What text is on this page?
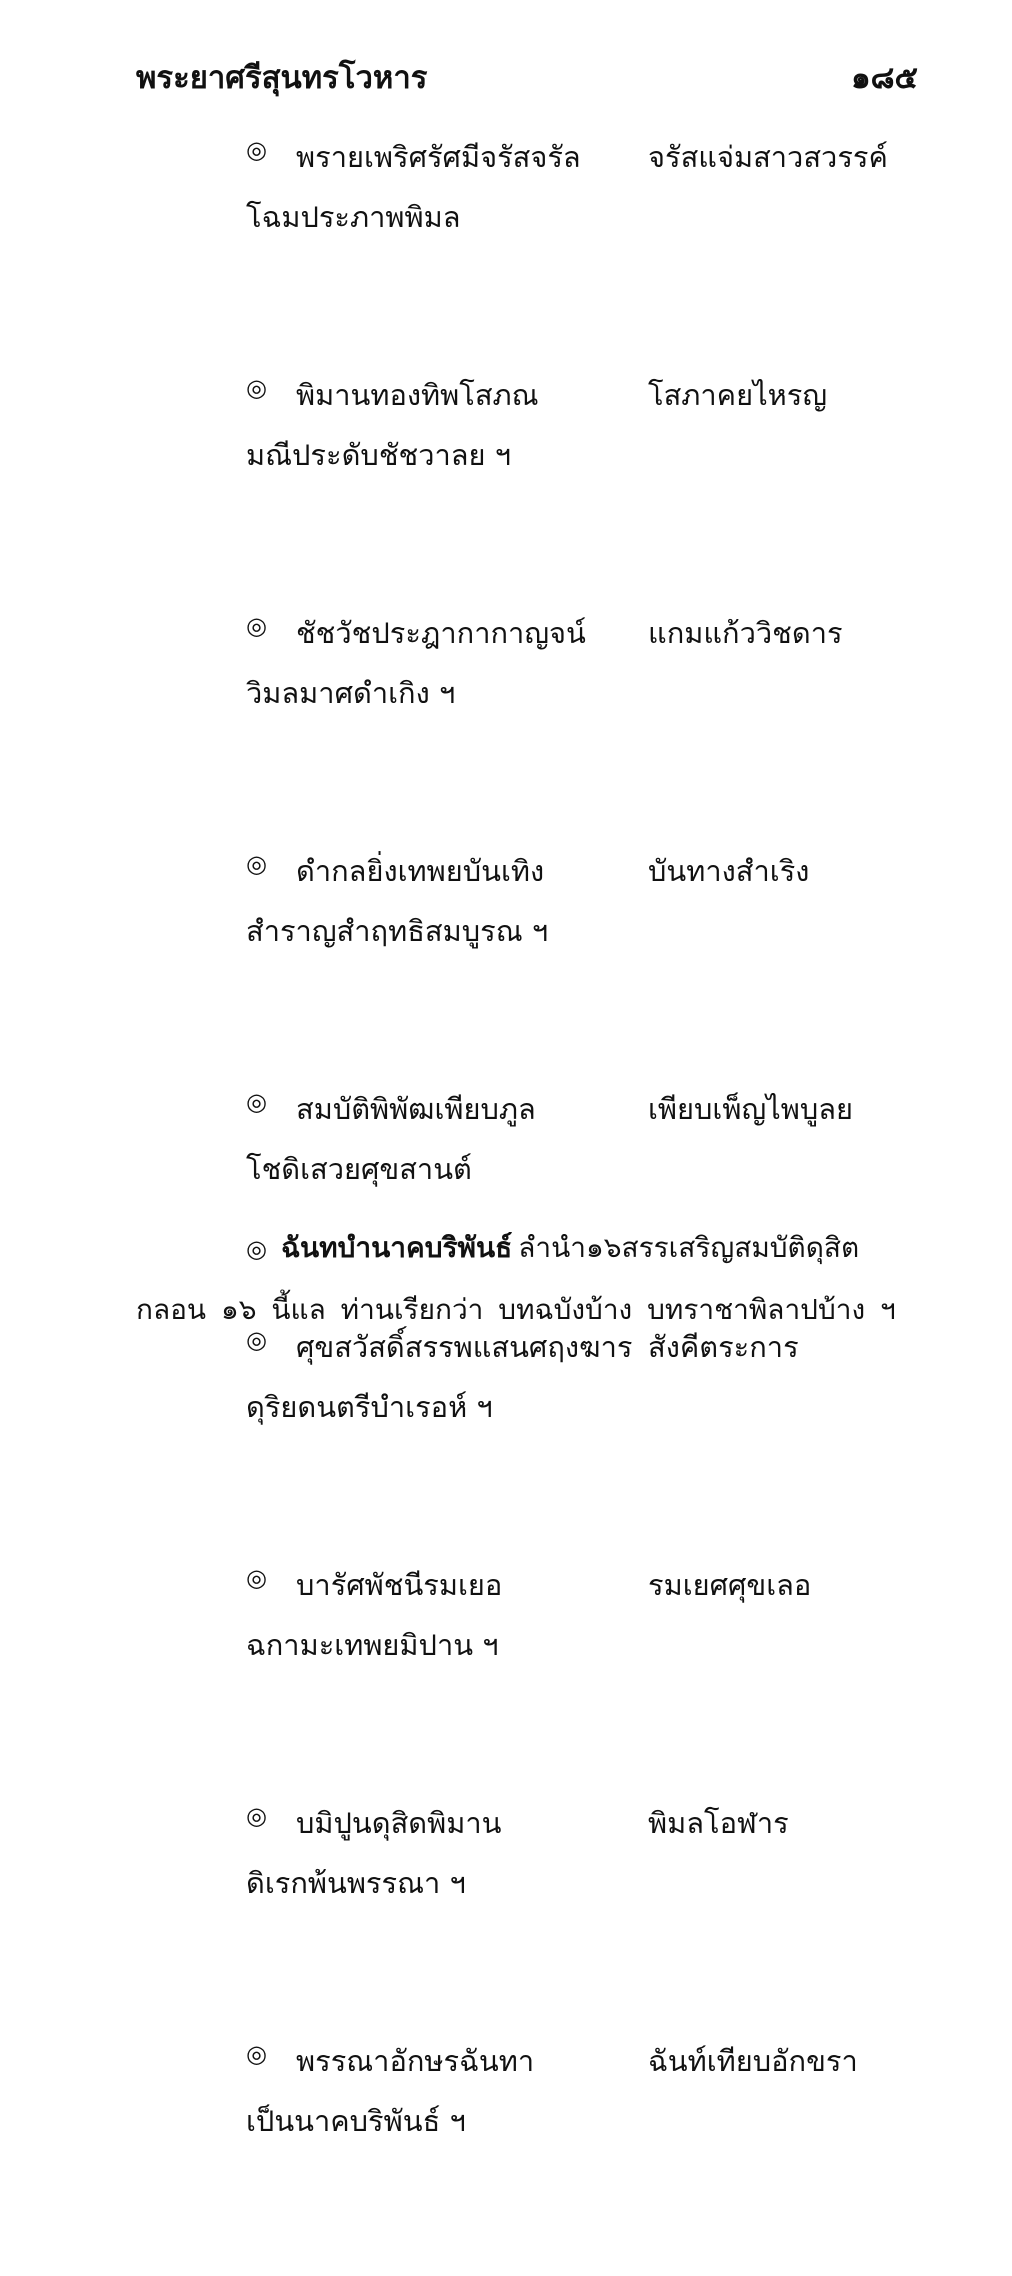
พระยาศรีสุนทรโวหาร	๑๘๕
◎ พรายเพริศรัศมีจรัสจรัล จรัสแจ่มสาวสวรรค์
โฉมประภาพพิมล
◎ พิมานทองทิพโสภณ	โสภาคยไหรญ
มณีประดับชัชวาลย ฯ
◎ ชัชวัชประฎากากาญจน์ แกมแก้ววิชดาร
วิมลมาศดำเกิง ฯ
◎ ดำกลยิ่งเทพยบันเทิง	บันทางสำเริง
สำราญสำฤทธิสมบูรณ ฯ
◎ สมบัติพิพัฒเพียบภูล	เพียบเพ็ญไพบูลย
โชดิเสวยศุขสานต์
◎ ศุขสวัสดิ์สรรพแสนศฤงฆาร สังคีตระการ
ดุริยดนตรีบำเรอห์ ฯ
◎ บารัศพัชนีรมเยอ	รมเยศศุขเลอ
ฉกามะเทพยมิปาน ฯ
◎ บมิปูนดุสิดพิมาน	พิมลโอฬาร
ดิเรกพ้นพรรณา ฯ
◎ พรรณาอักษรฉันทา	ฉันท์เทียบอักขรา
เป็นนาคบริพันธ์ ฯ
◎ ฉันทบำนาคบริพันธ์ ลำนำ๑๖สรรเสริญสมบัติดุสิต
กลอน ๑๖ นี้แล ท่านเรียกว่า บทฉบังบ้าง บทราชาพิลาปบ้าง ฯ
